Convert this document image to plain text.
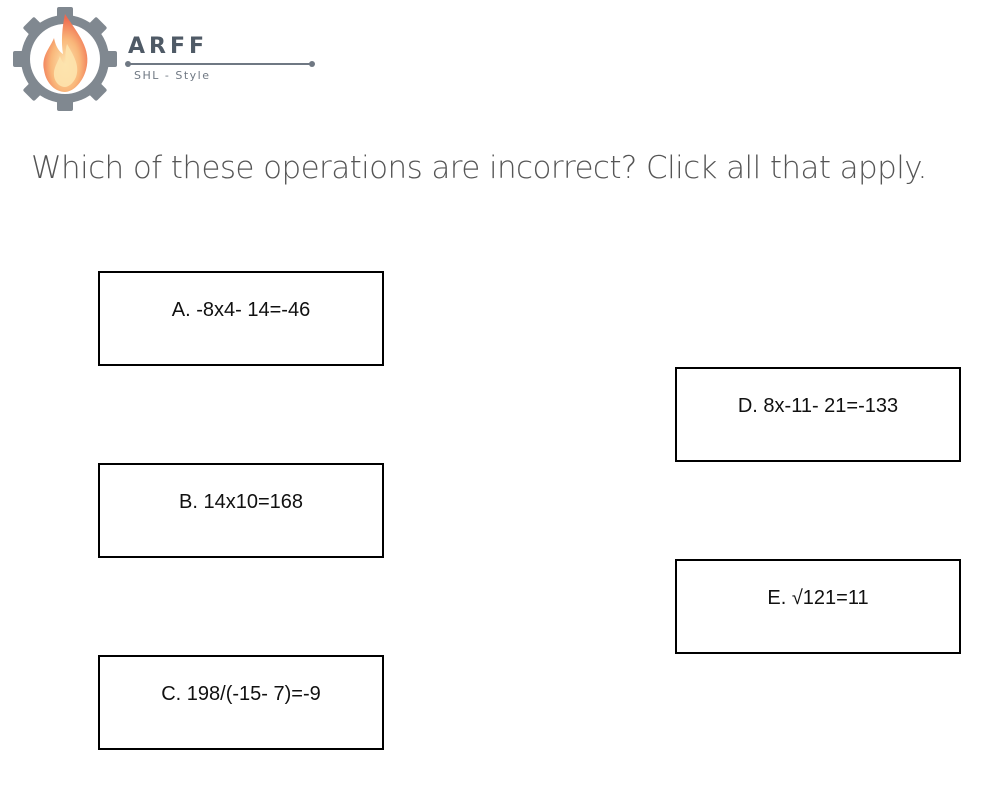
ARFF
SHL - Style
Which of these operations are incorrect? Click all that apply.
A. -8x4- 14=-46
B. 14x10=168
C. 198/(-15- 7)=-9
D. 8x-11- 21=-133
E. √121=11
